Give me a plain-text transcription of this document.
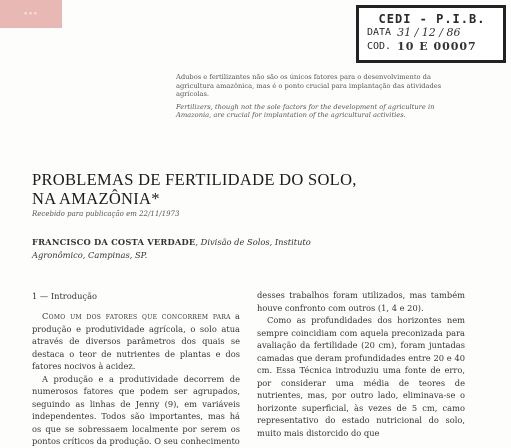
•••	CEDI - P.I.B.
DATA 31 / 12 / 86
COD. 10 E 00007

Adubos e fertilizantes não são os únicos fatores para o desenvolvimento da agricultura amazônica, mas é o ponto crucial para implantação das atividades agrícolas.

Fertilizers, though not the sole factors for the development of agriculture in Amazonia, are crucial for implantation of the agricultural activities.

PROBLEMAS DE FERTILIDADE DO SOLO,
NA AMAZÔNIA*
Recebido para publicação em 22/11/1973
FRANCISCO DA COSTA VERDADE, Divisão de Solos, Instituto Agronômico, Campinas, SP.
1 — Introdução

Como um dos fatores que concorrem para a produção e produtividade agrícola, o solo atua através de diversos parâmetros dos quais se destaca o teor de nutrientes de plantas e dos fatores nocivos à acidez.

A produção e a produtividade decorrem de numerosos fatores que podem ser agrupados, seguindo as linhas de Jenny (9), em variáveis independentes. Todos são importantes, mas há os que se sobressaem localmente por serem os pontos críticos da produção. O seu conhecimento

desses trabalhos foram utilizados, mas também houve confronto com outros (1, 4 e 20).

Como as profundidades dos horizontes nem sempre coincidiam com aquela preconizada para avaliação da fertilidade (20 cm), foram juntadas camadas que deram profundidades entre 20 e 40 cm. Essa Técnica introduziu uma fonte de erro, por considerar uma média de teores de nutrientes, mas, por outro lado, eliminava-se o horizonte superficial, às vezes de 5 cm, camo representativo do estado nutricional do solo, muito mais distorcido do que
